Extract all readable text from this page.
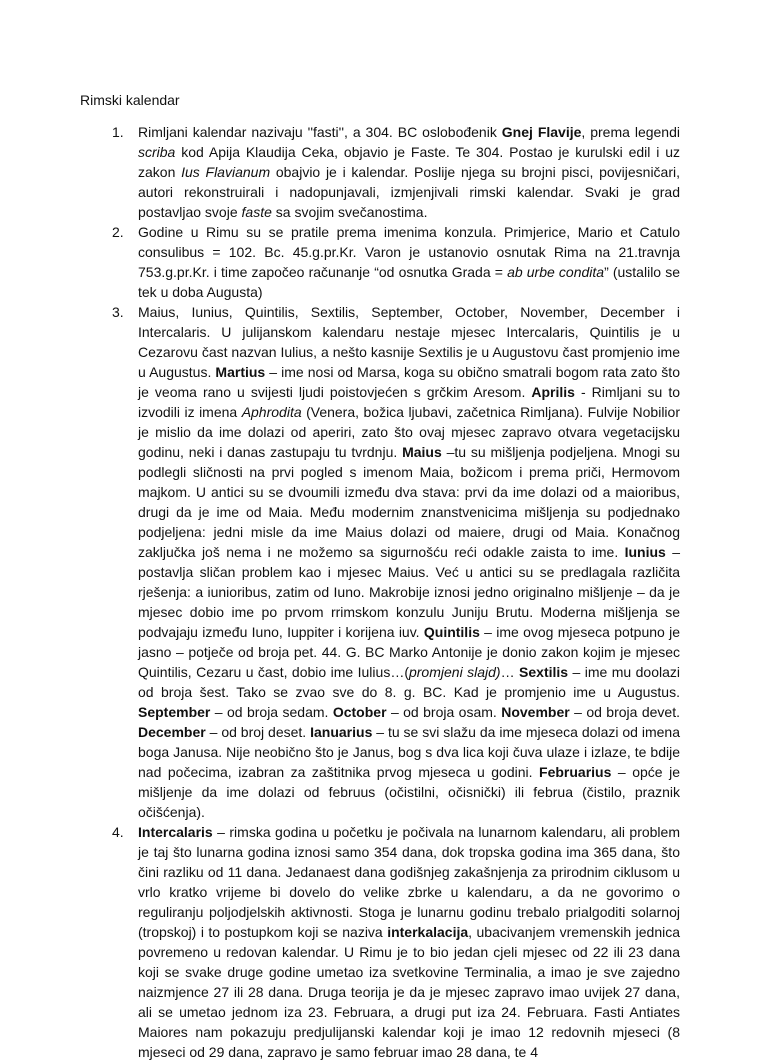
Rimski kalendar
1. Rimljani kalendar nazivaju ''fasti'', a 304. BC oslobođenik Gnej Flavije, prema legendi scriba kod Apija Klaudija Ceka, objavio je Faste. Te 304. Postao je kurulski edil i uz zakon Ius Flavianum obajvio je i kalendar. Poslije njega su brojni pisci, povijesničari, autori rekonstruirali i nadopunjavali, izmjenjivali rimski kalendar. Svaki je grad postavljao svoje faste sa svojim svečanostima.
2. Godine u Rimu su se pratile prema imenima konzula. Primjerice, Mario et Catulo consulibus = 102. Bc. 45.g.pr.Kr. Varon je ustanovio osnutak Rima na 21.travnja 753.g.pr.Kr. i time započeo računanje “od osnutka Grada = ab urbe condita” (ustalilo se tek u doba Augusta)
3. Maius, Iunius, Quintilis, Sextilis, September, October, November, December i Intercalaris. U julijanskom kalendaru nestaje mjesec Intercalaris, Quintilis je u Cezarovu čast nazvan Iulius, a nešto kasnije Sextilis je u Augustovu čast promjenio ime u Augustus. Martius – ime nosi od Marsa, koga su obično smatrali bogom rata zato što je veoma rano u svijesti ljudi poistovjećen s grčkim Aresom. Aprilis - Rimljani su to izvodili iz imena Aphrodita (Venera, božica ljubavi, začetnica Rimljana). Fulvije Nobilior je mislio da ime dolazi od aperiri, zato što ovaj mjesec zapravo otvara vegetacijsku godinu, neki i danas zastupaju tu tvrdnju. Maius –tu su mišljenja podjeljena. Mnogi su podlegli sličnosti na prvi pogled s imenom Maia, božicom i prema priči, Hermovom majkom. U antici su se dvoumili između dva stava: prvi da ime dolazi od a maioribus, drugi da je ime od Maia. Među modernim znanstvenicima mišljenja su podjednako podjeljena: jedni misle da ime Maius dolazi od maiere, drugi od Maia. Konačnog zaključka još nema i ne možemo sa sigurnošću reći odakle zaista to ime. Iunius – postavlja sličan problem kao i mjesec Maius. Već u antici su se predlagala različita rješenja: a iunioribus, zatim od Iuno. Makrobije iznosi jedno originalno mišljenje – da je mjesec dobio ime po prvom rrimskom konzulu Juniju Brutu. Moderna mišljenja se podvajaju između Iuno, Iuppiter i korijena iuv. Quintilis – ime ovog mjeseca potpuno je jasno – potječe od broja pet. 44. G. BC Marko Antonije je donio zakon kojim je mjesec Quintilis, Cezaru u čast, dobio ime Iulius…(promjeni slajd)… Sextilis – ime mu doolazi od broja šest. Tako se zvao sve do 8. g. BC. Kad je promjenio ime u Augustus. September – od broja sedam. October – od broja osam. November – od broja devet. December – od broj deset. Ianuarius – tu se svi slažu da ime mjeseca dolazi od imena boga Janusa. Nije neobično što je Janus, bog s dva lica koji čuva ulaze i izlaze, te bdije nad počecima, izabran za zaštitnika prvog mjeseca u godini. Februarius – opće je mišljenje da ime dolazi od februus (očistilni, očisnički) ili februa (čistilo, praznik očišćenja).
4. Intercalaris – rimska godina u početku je počivala na lunarnom kalendaru, ali problem je taj što lunarna godina iznosi samo 354 dana, dok tropska godina ima 365 dana, što čini razliku od 11 dana. Jedanaest dana godišnjeg zakašnjenja za prirodnim ciklusom u vrlo kratko vrijeme bi dovelo do velike zbrke u kalendaru, a da ne govorimo o reguliranju poljodjelskih aktivnosti. Stoga je lunarnu godinu trebalo prialgoditi solarnoj (tropskoj) i to postupkom koji se naziva interkalacija, ubacivanjem vremenskih jednica povremeno u redovan kalendar. U Rimu je to bio jedan cjeli mjesec od 22 ili 23 dana koji se svake druge godine umetao iza svetkovine Terminalia, a imao je sve zajedno naizmjence 27 ili 28 dana. Druga teorija je da je mjesec zapravo imao uvijek 27 dana, ali se umetao jednom iza 23. Februara, a drugi put iza 24. Februara. Fasti Antiates Maiores nam pokazuju predjulijanski kalendar koji je imao 12 redovnih mjeseci (8 mjeseci od 29 dana, zapravo je samo februar imao 28 dana, te 4
